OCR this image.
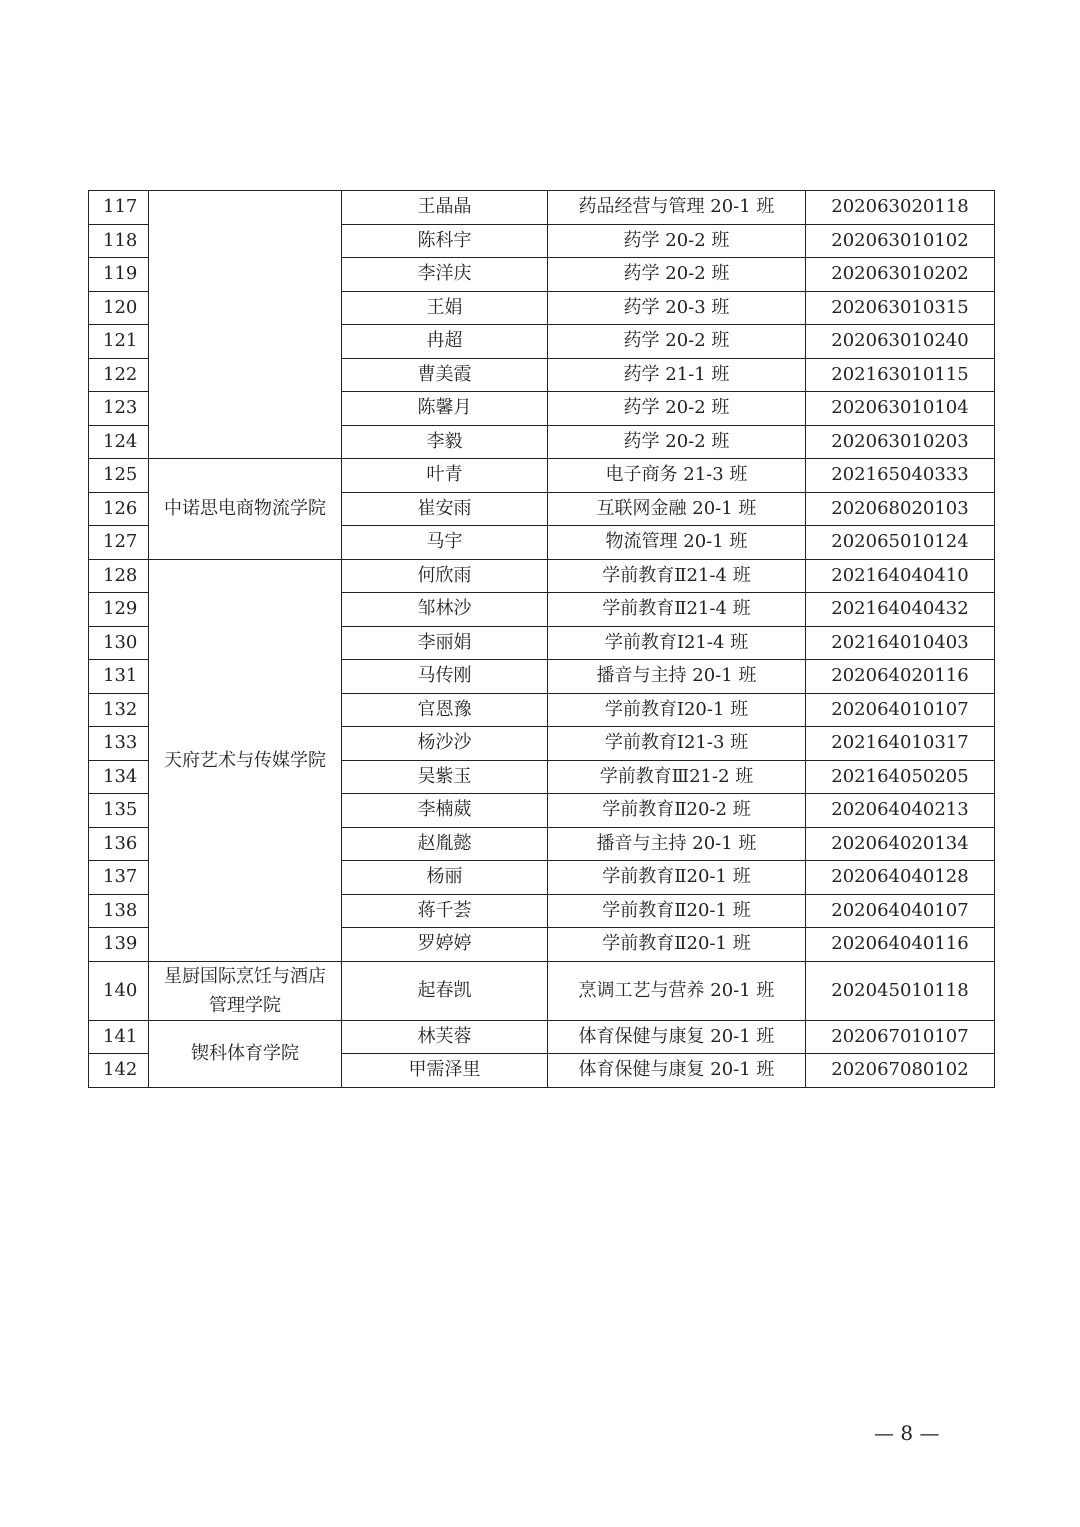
117		王晶晶	药品经营与管理 20-1 班	202063020118
118		陈科宇	药学 20-2 班	202063010102
119		李洋庆	药学 20-2 班	202063010202
120		王娟	药学 20-3 班	202063010315
121		冉超	药学 20-2 班	202063010240
122		曹美霞	药学 21-1 班	202163010115
123		陈馨月	药学 20-2 班	202063010104
124		李毅	药学 20-2 班	202063010203
125	中诺思电商物流学院	叶青	电子商务 21-3 班	202165040333
126		崔安雨	互联网金融 20-1 班	202068020103
127		马宇	物流管理 20-1 班	202065010124
128	天府艺术与传媒学院	何欣雨	学前教育Ⅱ21-4 班	202164040410
129		邹林沙	学前教育Ⅱ21-4 班	202164040432
130		李丽娟	学前教育Ⅰ21-4 班	202164010403
131		马传刚	播音与主持 20-1 班	202064020116
132		官恩豫	学前教育Ⅰ20-1 班	202064010107
133		杨沙沙	学前教育Ⅰ21-3 班	202164010317
134		吴紫玉	学前教育Ⅲ21-2 班	202164050205
135		李楠葳	学前教育Ⅱ20-2 班	202064040213
136		赵胤懿	播音与主持 20-1 班	202064020134
137		杨丽	学前教育Ⅱ20-1 班	202064040128
138		蒋千荟	学前教育Ⅱ20-1 班	202064040107
139		罗婷婷	学前教育Ⅱ20-1 班	202064040116
140	星厨国际烹饪与酒店管理学院	起春凯	烹调工艺与营养 20-1 班	202045010118
141	锲科体育学院	林芙蓉	体育保健与康复 20-1 班	202067010107
142		甲需泽里	体育保健与康复 20-1 班	202067080102
— 8 —
